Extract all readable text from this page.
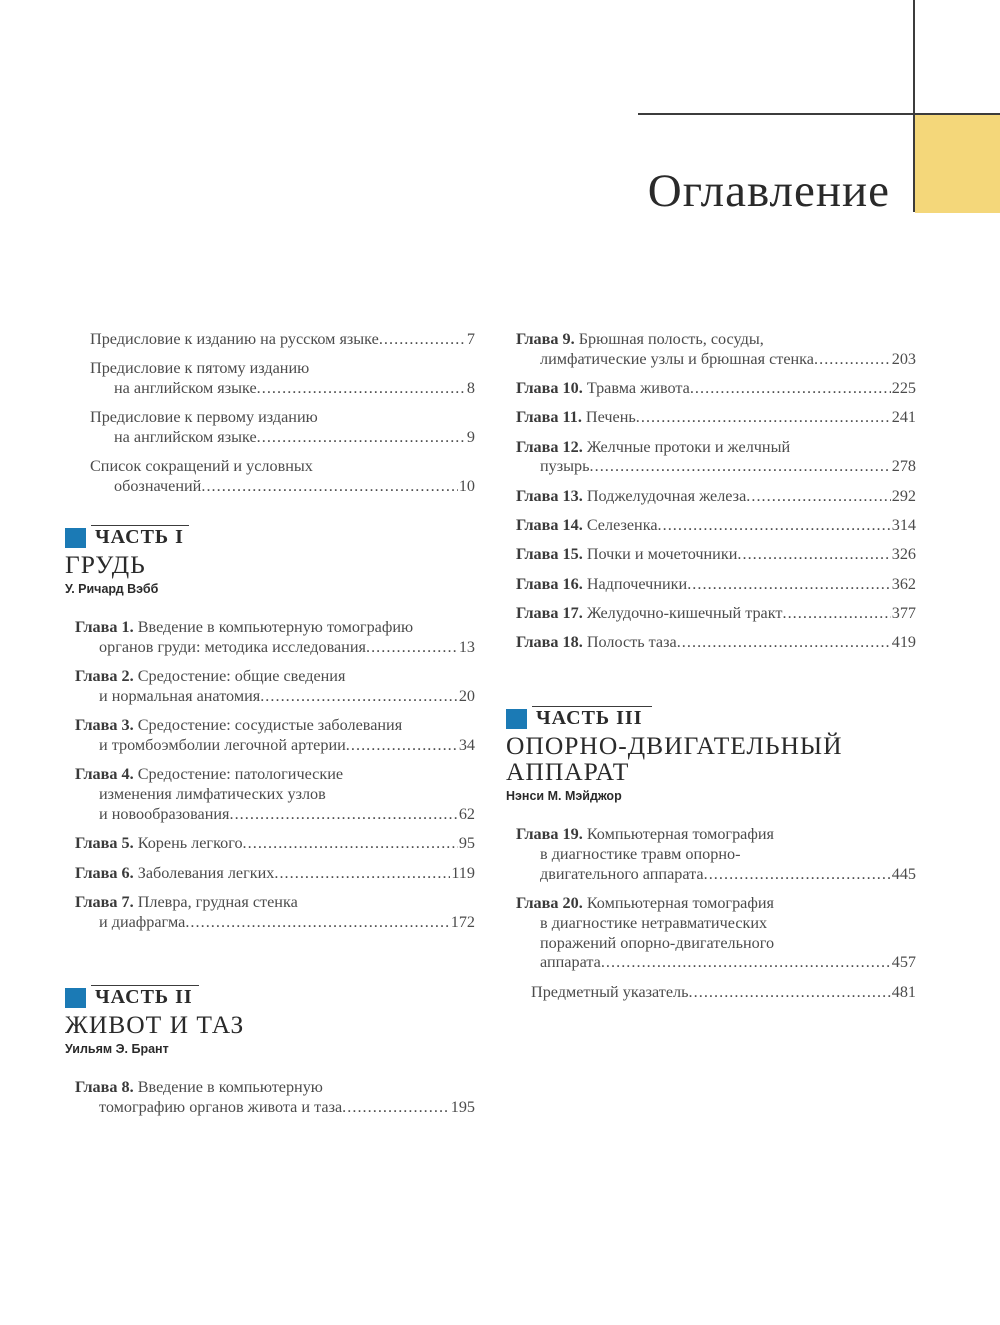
Оглавление
Предисловие к изданию на русском языке . . .	7
Предисловие к пятому изданию
на английском языке . . .	8
Предисловие к первому изданию
на английском языке . . .	9
Список сокращений и условных
обозначений . . .	10
ЧАСТЬ I
ГРУДЬ
У. Ричард Вэбб
Глава 1. Введение в компьютерную томографию
органов груди: методика исследования . . .	13
Глава 2. Средостение: общие сведения
и нормальная анатомия . . .	20
Глава 3. Средостение: сосудистые заболевания
и тромбоэмболии легочной артерии . . .	34
Глава 4. Средостение: патологические
изменения лимфатических узлов
и новообразования . . .	62
Глава 5. Корень легкого . . .	95
Глава 6. Заболевания легких . . .	119
Глава 7. Плевра, грудная стенка
и диафрагма . . .	172
ЧАСТЬ II
ЖИВОТ И ТАЗ
Уильям Э. Брант
Глава 8. Введение в компьютерную
томографию органов живота и таза . . .	195
Глава 9. Брюшная полость, сосуды,
лимфатические узлы и брюшная стенка . . .	203
Глава 10. Травма живота . . .	225
Глава 11. Печень . . .	241
Глава 12. Желчные протоки и желчный
пузырь . . .	278
Глава 13. Поджелудочная железа . . .	292
Глава 14. Селезенка . . .	314
Глава 15. Почки и мочеточники . . .	326
Глава 16. Надпочечники . . .	362
Глава 17. Желудочно-кишечный тракт . . .	377
Глава 18. Полость таза . . .	419
ЧАСТЬ III
ОПОРНО-ДВИГАТЕЛЬНЫЙ
АППАРАТ
Нэнси М. Мэйджор
Глава 19. Компьютерная томография
в диагностике травм опорно-
двигательного аппарата . . .	445
Глава 20. Компьютерная томография
в диагностике нетравматических
поражений опорно-двигательного
аппарата . . .	457
Предметный указатель . . .	481
